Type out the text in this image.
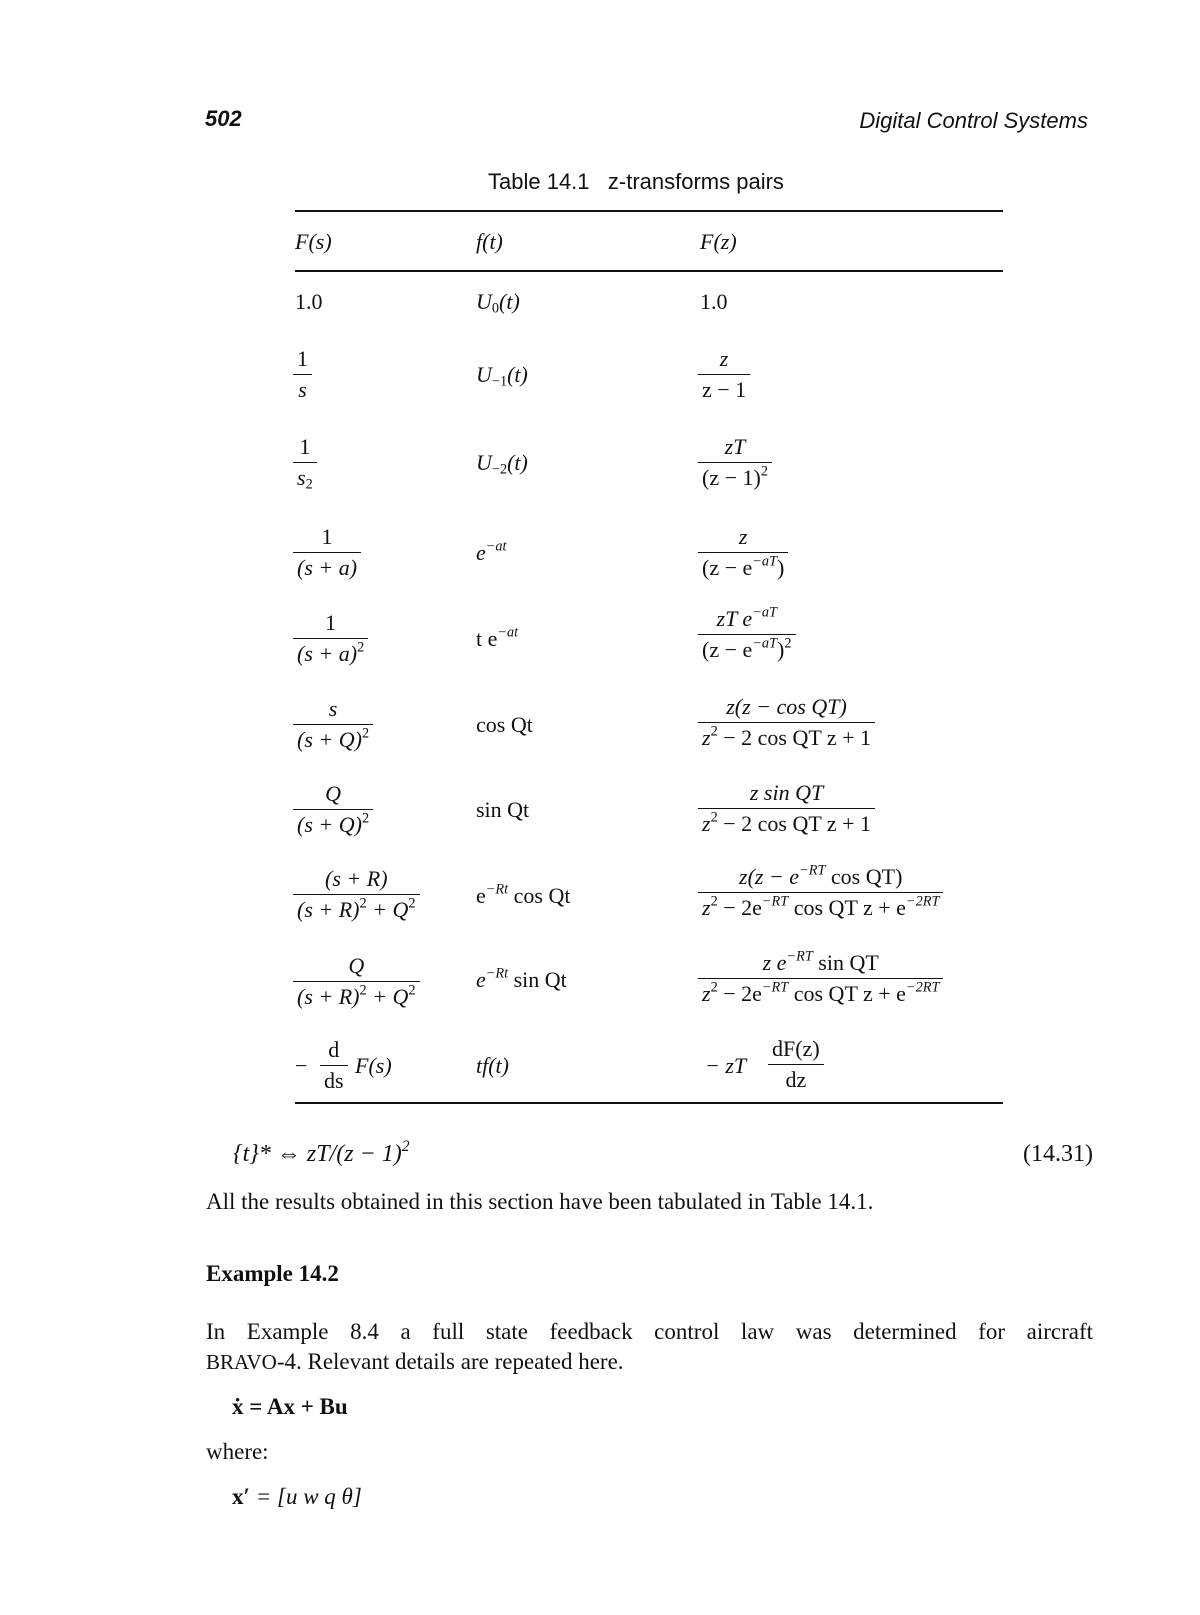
502	Digital Control Systems
Table 14.1 z-transforms pairs
F(s)	f(t)	F(z)
1.0	$U_0(t)$	1.0
$\frac{1}{s}$	$U_{-1}(t)$	$\frac{z}{z - 1}$
$\frac{1}{s_2}$	$U_{-2}(t)$	$\frac{zT}{(z - 1)^2}$
$\frac{1}{(s + a)}$	$e^{-at}$	$\frac{z}{(z - e^{-aT})}$
$\frac{1}{(s + a)^2}$	t $e^{-at}$	$\frac{zT e^{-aT}}{(z - e^{-aT})^2}$
$\frac{s}{(s + Q)^2}$	cos Qt	$\frac{\text{z(z − cos QT)}}{z^2 - 2 \cos QT z + 1}$
$\frac{Q}{(s + Q)^2}$	sin Qt	$\frac{\text{z sin QT}}{z^2 - 2 \cos QT z + 1}$
$\frac{(s + R)}{(s + R)^2 + Q^2}$	$e^{-Rt}$ cos Qt	$\frac{z(z - e^{-RT} \cos QT)}{z^2 - 2e^{-RT} \cos QT z + e^{-2RT}}$
$\frac{Q}{(s + R)^2 + Q^2}$	$e^{-Rt}$ sin Qt	$\frac{z e^{-RT} \sin QT}{z^2 - 2e^{-RT} \cos QT z + e^{-2RT}}$
− $\frac{d}{ds} F(s)$	tf(t)	− zT $\frac{dF(z)}{dz}$
{t}* ⇔ $zT/(z - 1)^2$	(14.31)
All the results obtained in this section have been tabulated in Table 14.1.
Example 14.2
In Example 8.4 a full state feedback control law was determined for aircraft
BRAVO-4. Relevant details are repeated here.
ẋ = Ax + Bu
where:
x′ = [u w q θ]
